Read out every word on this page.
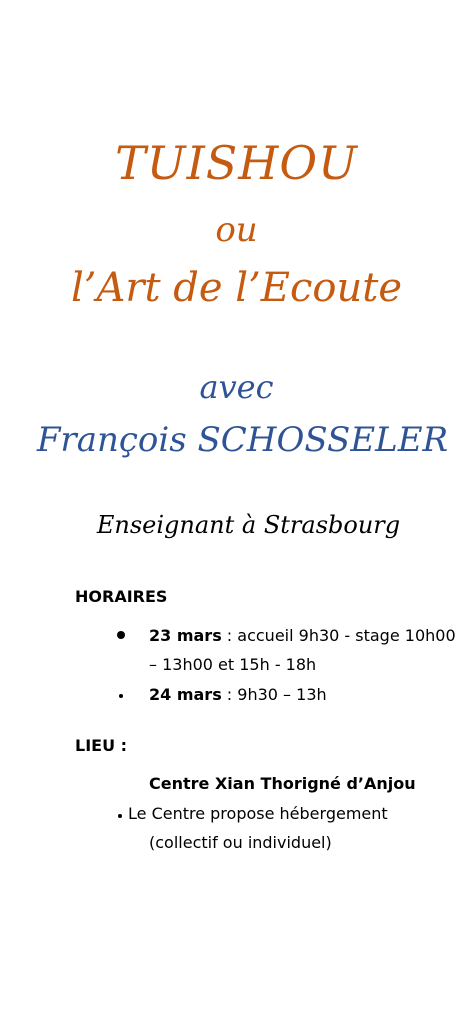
TUISHOU
ou
l’Art de l’Ecoute
avec
François SCHOSSELER
Enseignant à Strasbourg
HORAIRES
23 mars : accueil 9h30 - stage 10h00
– 13h00 et 15h - 18h
24 mars : 9h30 – 13h
LIEU :
Centre Xian Thorigné d’Anjou
Le Centre propose hébergement
(collectif ou individuel)
